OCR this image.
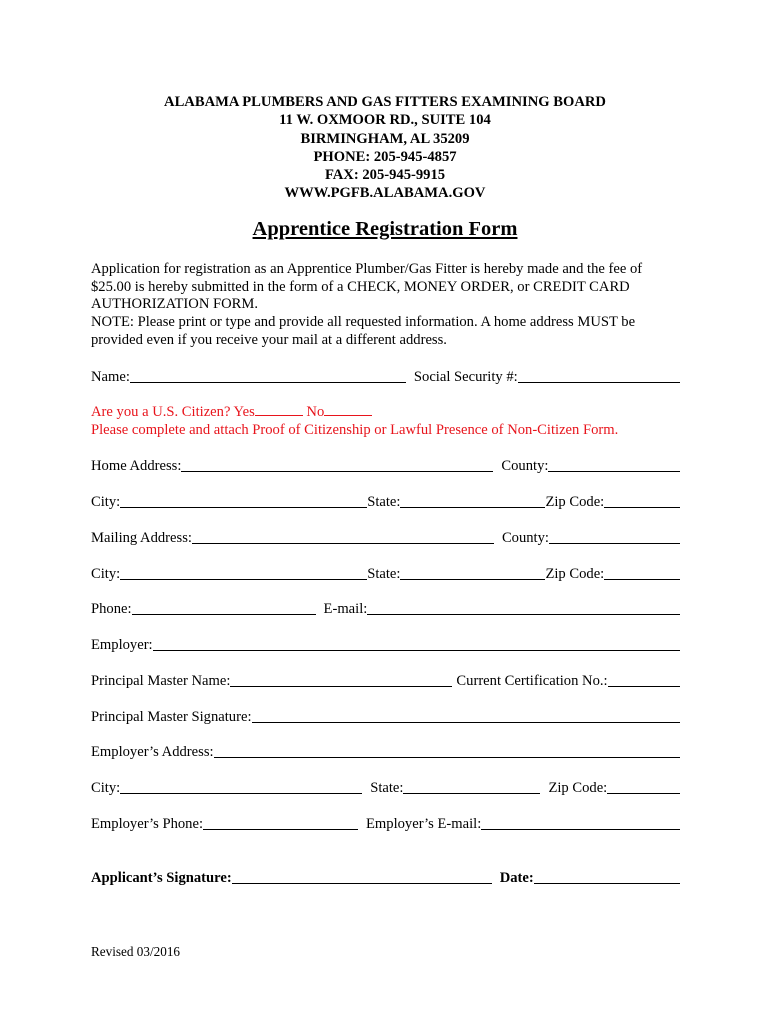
ALABAMA PLUMBERS AND GAS FITTERS EXAMINING BOARD
11 W. OXMOOR RD., SUITE 104
BIRMINGHAM, AL 35209
PHONE: 205-945-4857
FAX: 205-945-9915
WWW.PGFB.ALABAMA.GOV
Apprentice Registration Form
Application for registration as an Apprentice Plumber/Gas Fitter is hereby made and the fee of
$25.00 is hereby submitted in the form of a CHECK, MONEY ORDER, or CREDIT CARD
AUTHORIZATION FORM.
NOTE: Please print or type and provide all requested information. A home address MUST be
provided even if you receive your mail at a different address.
Name:	Social Security #:
Home Address:	County:
City:	State:	Zip Code:
Mailing Address:	County:
City:	State:	Zip Code:
Phone:	E-mail:
Employer:
Principal Master Name:	Current Certification No.:
Principal Master Signature:
Employer’s Address:
City:	State:	Zip Code:
Employer’s Phone:	Employer’s E-mail:
Applicant’s Signature:	Date:
Are you a U.S. Citizen? Yes	No
Please complete and attach Proof of Citizenship or Lawful Presence of Non-Citizen Form.
Revised 03/2016
